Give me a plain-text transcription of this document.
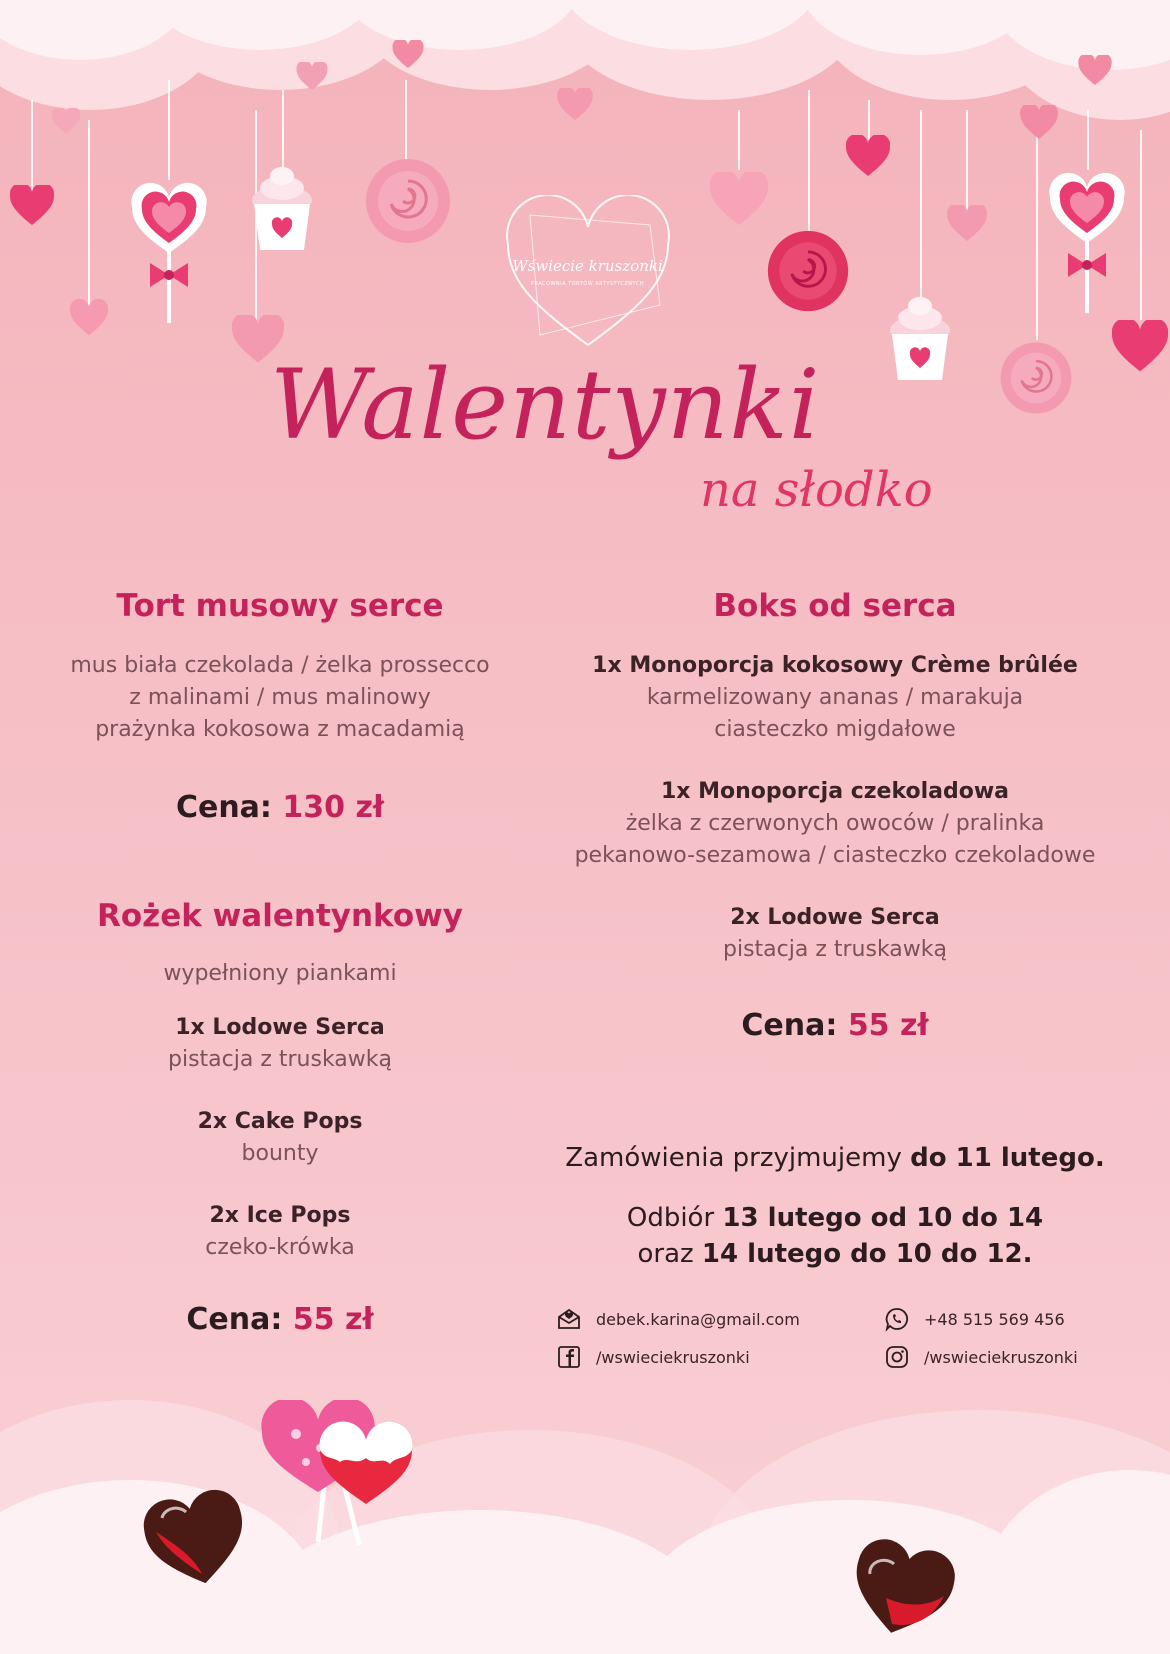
Wświecie kruszonki
PRACOWNIA TORTÓW ARTYSTYCZNYCH
Walentynki
na słodko
Tort musowy serce

mus biała czekolada / żelka prossecco

z malinami / mus malinowy

prażynka kokosowa z macadamią

Cena: 130 zł

Rożek walentynkowy

wypełniony piankami

1x Lodowe Serca

pistacja z truskawką

2x Cake Pops

bounty

2x Ice Pops

czeko-krówka

Cena: 55 zł

Boks od serca

1x Monoporcja kokosowy Crème brûlée

karmelizowany ananas / marakuja

ciasteczko migdałowe

1x Monoporcja czekoladowa

żelka z czerwonych owoców / pralinka

pekanowo-sezamowa / ciasteczko czekoladowe

2x Lodowe Serca

pistacja z truskawką

Cena: 55 zł

Zamówienia przyjmujemy do 11 lutego.

Odbiór 13 lutego od 10 do 14

oraz 14 lutego do 10 do 12.

debek.karina@gmail.com	+48 515 569 456
/wswieciekruszonki	/wswieciekruszonki
